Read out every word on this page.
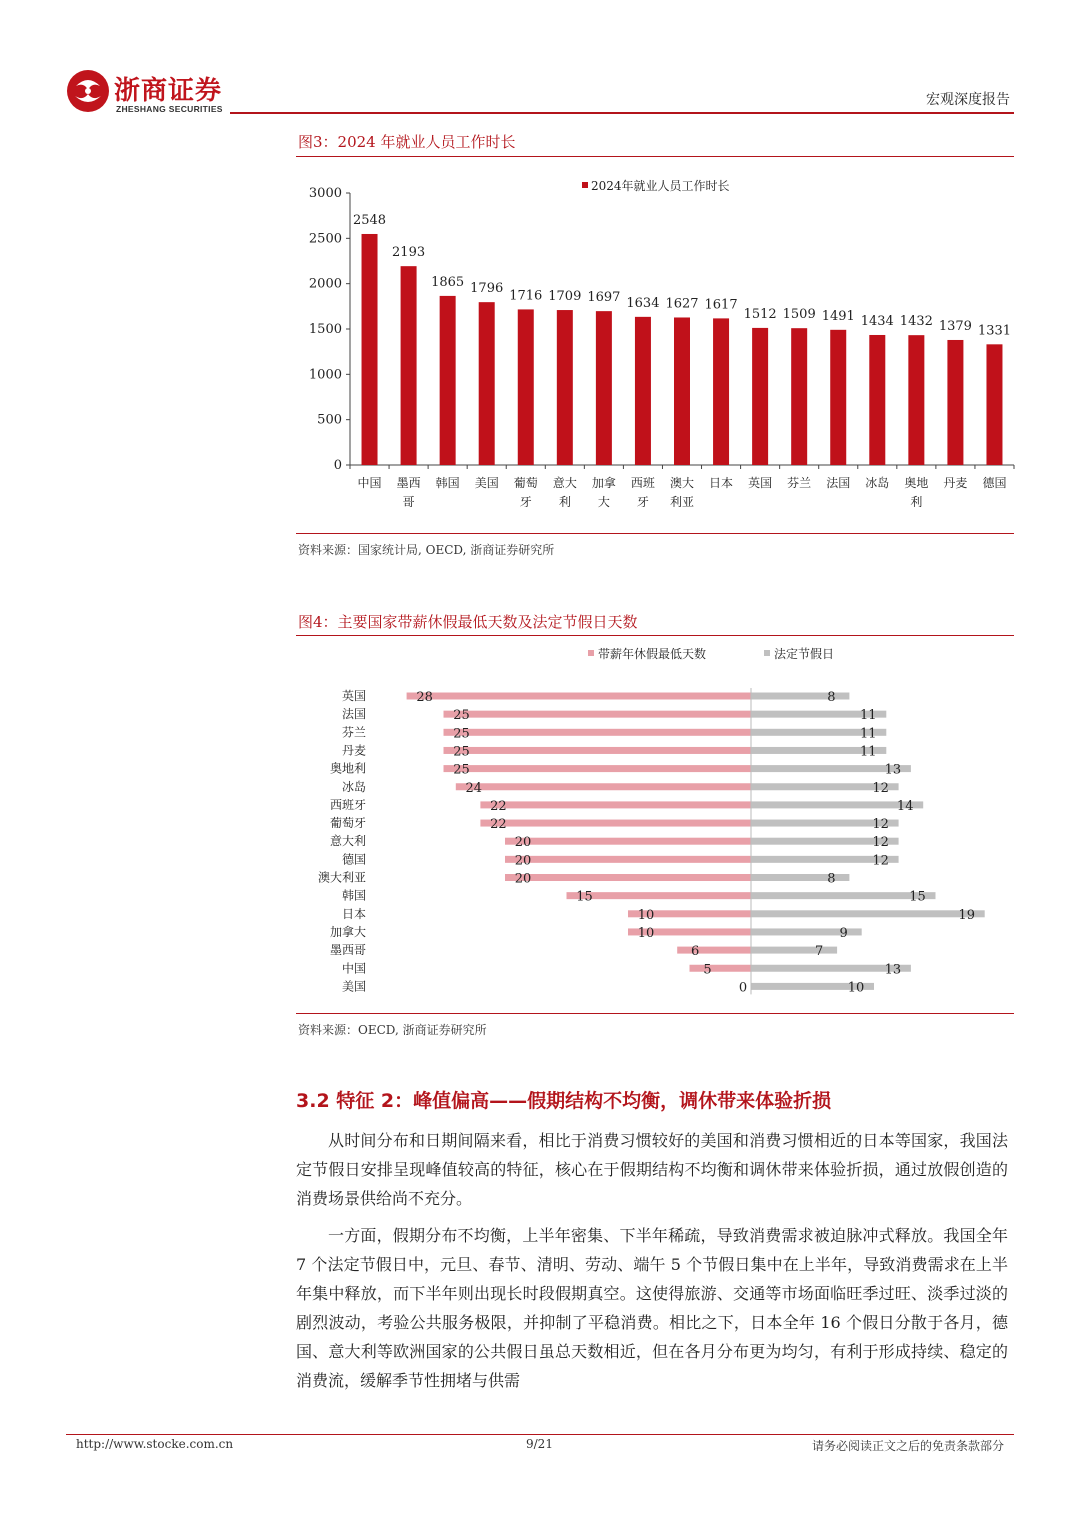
浙商证券
ZHESHANG SECURITIES
宏观深度报告
图3：2024 年就业人员工作时长
0
500
1000
1500
2000
2500
3000	2024年就业人员工作时长
2548
中国
2193
墨西
哥
1865
韩国
1796
美国
1716
葡萄
牙
1709
意大
利
1697
加拿
大
1634
西班
牙
1627
澳大
利亚
1617
日本
1512
英国
1509
芬兰
1491
法国
1434
冰岛
1432
奥地
利
1379
丹麦
1331
德国
资料来源：国家统计局, OECD, 浙商证券研究所
图4：主要国家带薪休假最低天数及法定节假日天数
带薪年休假最低天数	法定节假日
英国	28	8
法国	25	11
芬兰	25	11
丹麦	25	11
奥地利	25	13
冰岛	24	12
西班牙	22	14
葡萄牙	22	12
意大利	20	12
德国	20	12
澳大利亚	20	8
韩国	15	15
日本	10	19
加拿大	10	9
墨西哥	6	7
中国	5	13
美国	0	10
资料来源：OECD, 浙商证券研究所
3.2 特征 2：峰值偏高——假期结构不均衡，调休带来体验折损

从时间分布和日期间隔来看，相比于消费习惯较好的美国和消费习惯相近的日本等国家，我国法定节假日安排呈现峰值较高的特征，核心在于假期结构不均衡和调休带来体验折损，通过放假创造的消费场景供给尚不充分。

一方面，假期分布不均衡，上半年密集、下半年稀疏，导致消费需求被迫脉冲式释放。我国全年 7 个法定节假日中，元旦、春节、清明、劳动、端午 5 个节假日集中在上半年，导致消费需求在上半年集中释放，而下半年则出现长时段假期真空。这使得旅游、交通等市场面临旺季过旺、淡季过淡的剧烈波动，考验公共服务极限，并抑制了平稳消费。相比之下，日本全年 16 个假日分散于各月，德国、意大利等欧洲国家的公共假日虽总天数相近，但在各月分布更为均匀，有利于形成持续、稳定的消费流，缓解季节性拥堵与供需

http://www.stocke.com.cn	9/21	请务必阅读正文之后的免责条款部分
